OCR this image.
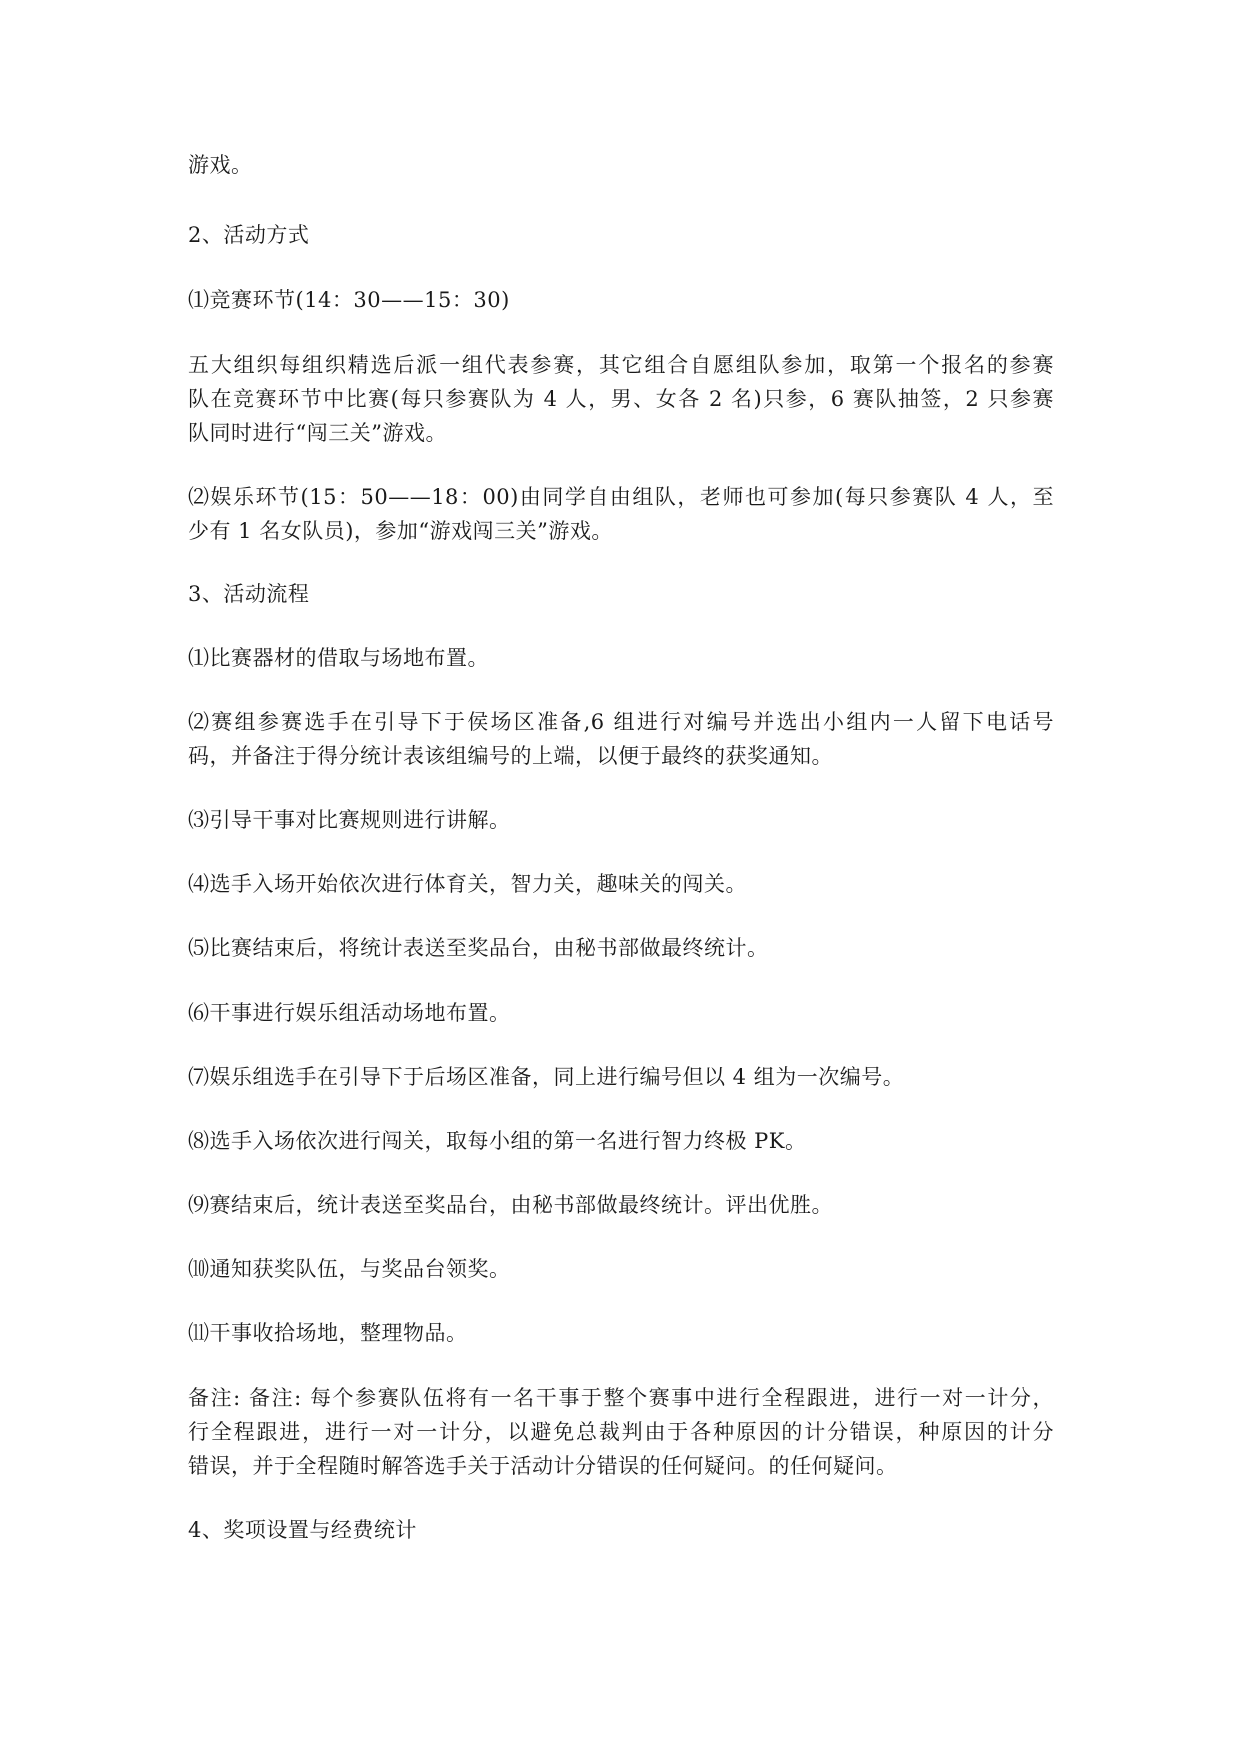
游戏。
2、活动方式
⑴竞赛环节(14：30——15：30)
五大组织每组织精选后派一组代表参赛，其它组合自愿组队参加，取第一个报名的参赛
队在竞赛环节中比赛(每只参赛队为 4 人，男、女各 2 名)只参，6 赛队抽签，2 只参赛
队同时进行“闯三关”游戏。
⑵娱乐环节(15：50——18：00)由同学自由组队，老师也可参加(每只参赛队 4 人，至
少有 1 名女队员)，参加“游戏闯三关”游戏。
3、活动流程
⑴比赛器材的借取与场地布置。
⑵赛组参赛选手在引导下于侯场区准备,6 组进行对编号并选出小组内一人留下电话号
码，并备注于得分统计表该组编号的上端，以便于最终的获奖通知。
⑶引导干事对比赛规则进行讲解。
⑷选手入场开始依次进行体育关，智力关，趣味关的闯关。
⑸比赛结束后，将统计表送至奖品台，由秘书部做最终统计。
⑹干事进行娱乐组活动场地布置。
⑺娱乐组选手在引导下于后场区准备，同上进行编号但以 4 组为一次编号。
⑻选手入场依次进行闯关，取每小组的第一名进行智力终极 PK。
⑼赛结束后，统计表送至奖品台，由秘书部做最终统计。评出优胜。
⑽通知获奖队伍，与奖品台领奖。
⑾干事收拾场地，整理物品。
备注: 备注: 每个参赛队伍将有一名干事于整个赛事中进行全程跟进，进行一对一计分，
行全程跟进，进行一对一计分，以避免总裁判由于各种原因的计分错误，种原因的计分
错误，并于全程随时解答选手关于活动计分错误的任何疑问。的任何疑问。
4、奖项设置与经费统计
